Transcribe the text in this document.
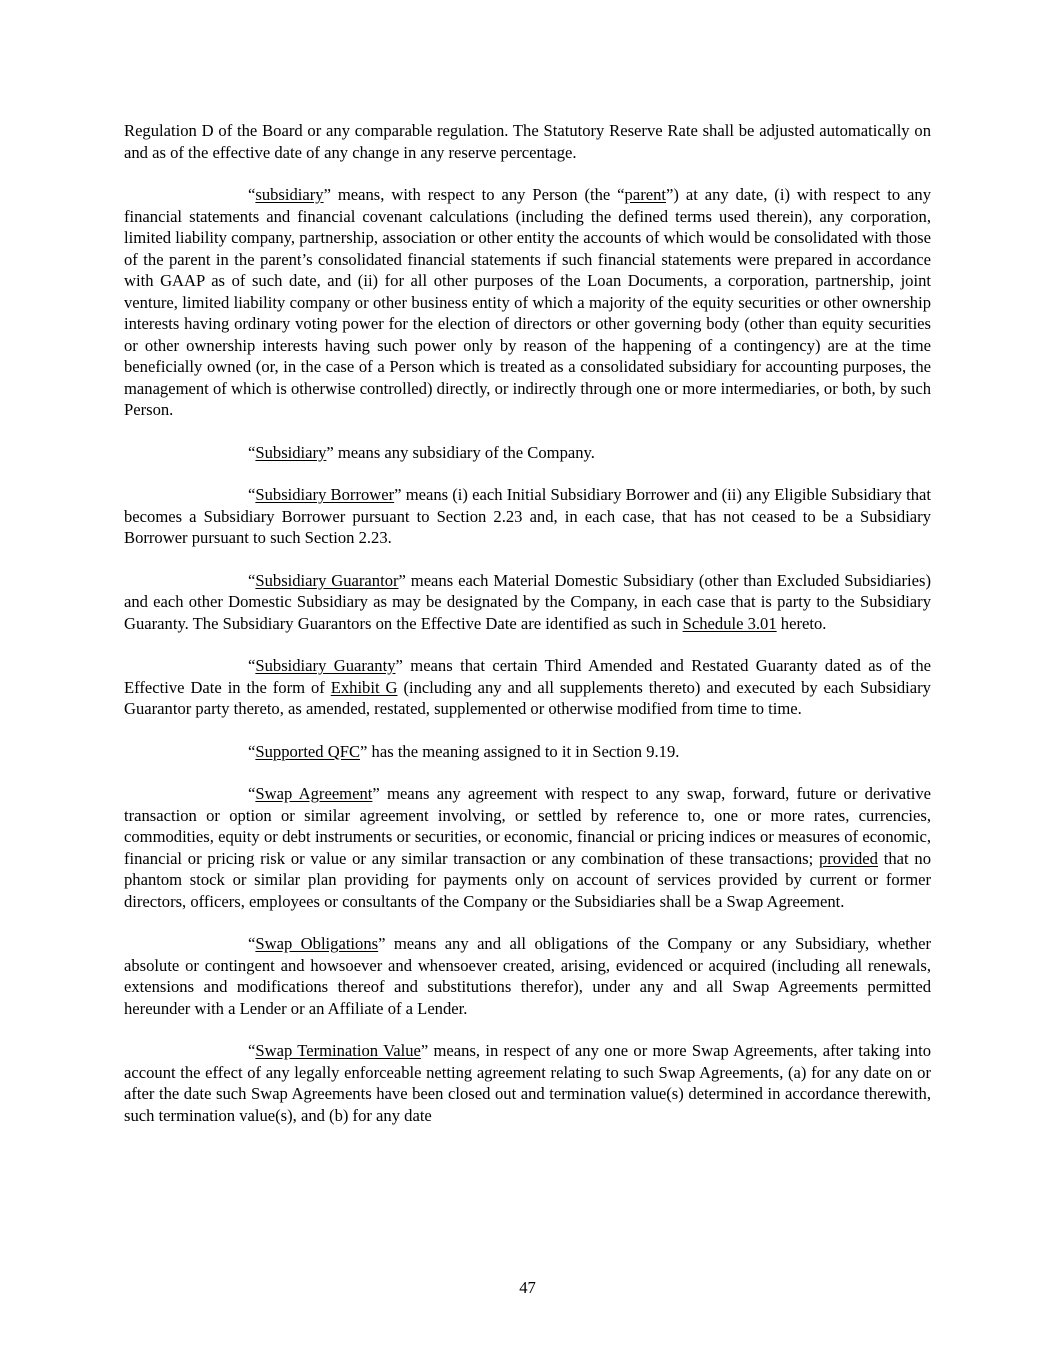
Regulation D of the Board or any comparable regulation. The Statutory Reserve Rate shall be adjusted automatically on and as of the effective date of any change in any reserve percentage.

“subsidiary” means, with respect to any Person (the “parent”) at any date, (i) with respect to any financial statements and financial covenant calculations (including the defined terms used therein), any corporation, limited liability company, partnership, association or other entity the accounts of which would be consolidated with those of the parent in the parent’s consolidated financial statements if such financial statements were prepared in accordance with GAAP as of such date, and (ii) for all other purposes of the Loan Documents, a corporation, partnership, joint venture, limited liability company or other business entity of which a majority of the equity securities or other ownership interests having ordinary voting power for the election of directors or other governing body (other than equity securities or other ownership interests having such power only by reason of the happening of a contingency) are at the time beneficially owned (or, in the case of a Person which is treated as a consolidated subsidiary for accounting purposes, the management of which is otherwise controlled) directly, or indirectly through one or more intermediaries, or both, by such Person.

“Subsidiary” means any subsidiary of the Company.

“Subsidiary Borrower” means (i) each Initial Subsidiary Borrower and (ii) any Eligible Subsidiary that becomes a Subsidiary Borrower pursuant to Section 2.23 and, in each case, that has not ceased to be a Subsidiary Borrower pursuant to such Section 2.23.

“Subsidiary Guarantor” means each Material Domestic Subsidiary (other than Excluded Subsidiaries) and each other Domestic Subsidiary as may be designated by the Company, in each case that is party to the Subsidiary Guaranty. The Subsidiary Guarantors on the Effective Date are identified as such in Schedule 3.01 hereto.

“Subsidiary Guaranty” means that certain Third Amended and Restated Guaranty dated as of the Effective Date in the form of Exhibit G (including any and all supplements thereto) and executed by each Subsidiary Guarantor party thereto, as amended, restated, supplemented or otherwise modified from time to time.

“Supported QFC” has the meaning assigned to it in Section 9.19.

“Swap Agreement” means any agreement with respect to any swap, forward, future or derivative transaction or option or similar agreement involving, or settled by reference to, one or more rates, currencies, commodities, equity or debt instruments or securities, or economic, financial or pricing indices or measures of economic, financial or pricing risk or value or any similar transaction or any combination of these transactions; provided that no phantom stock or similar plan providing for payments only on account of services provided by current or former directors, officers, employees or consultants of the Company or the Subsidiaries shall be a Swap Agreement.

“Swap Obligations” means any and all obligations of the Company or any Subsidiary, whether absolute or contingent and howsoever and whensoever created, arising, evidenced or acquired (including all renewals, extensions and modifications thereof and substitutions therefor), under any and all Swap Agreements permitted hereunder with a Lender or an Affiliate of a Lender.

“Swap Termination Value” means, in respect of any one or more Swap Agreements, after taking into account the effect of any legally enforceable netting agreement relating to such Swap Agreements, (a) for any date on or after the date such Swap Agreements have been closed out and termination value(s) determined in accordance therewith, such termination value(s), and (b) for any date

47
